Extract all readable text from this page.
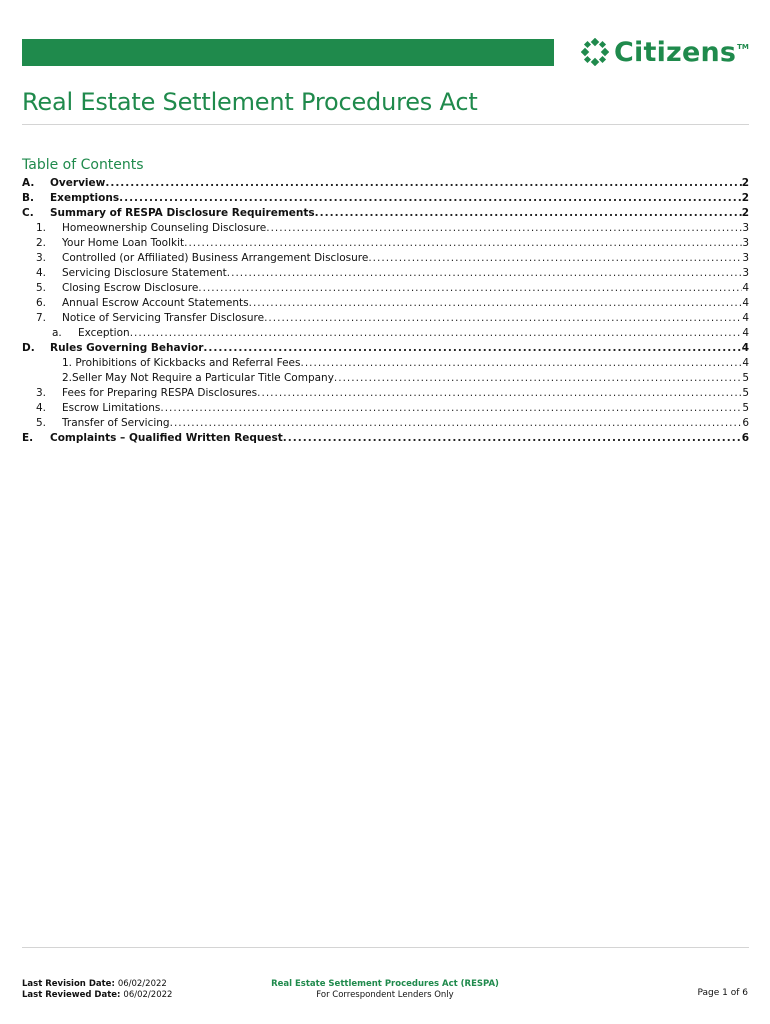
Citizens TM
Real Estate Settlement Procedures Act
Table of Contents
A.	Overview .....	2
B.	Exemptions .....	2
C.	Summary of RESPA Disclosure Requirements .....	2
1.	Homeownership Counseling Disclosure .....	3
2.	Your Home Loan Toolkit .....	3
3.	Controlled (or Affiliated) Business Arrangement Disclosure .....	3
4.	Servicing Disclosure Statement .....	3
5.	Closing Escrow Disclosure .....	4
6.	Annual Escrow Account Statements .....	4
7.	Notice of Servicing Transfer Disclosure .....	4
a.	Exception .....	4
D.	Rules Governing Behavior .....	4
1. Prohibitions of Kickbacks and Referral Fees .....	4
2.Seller May Not Require a Particular Title Company .....	5
3.	Fees for Preparing RESPA Disclosures .....	5
4.	Escrow Limitations .....	5
5.	Transfer of Servicing .....	6
E.	Complaints – Qualified Written Request .....	6
Last Revision Date: 06/02/2022
Last Reviewed Date: 06/02/2022
Real Estate Settlement Procedures Act (RESPA)
For Correspondent Lenders Only	Page 1 of 6
